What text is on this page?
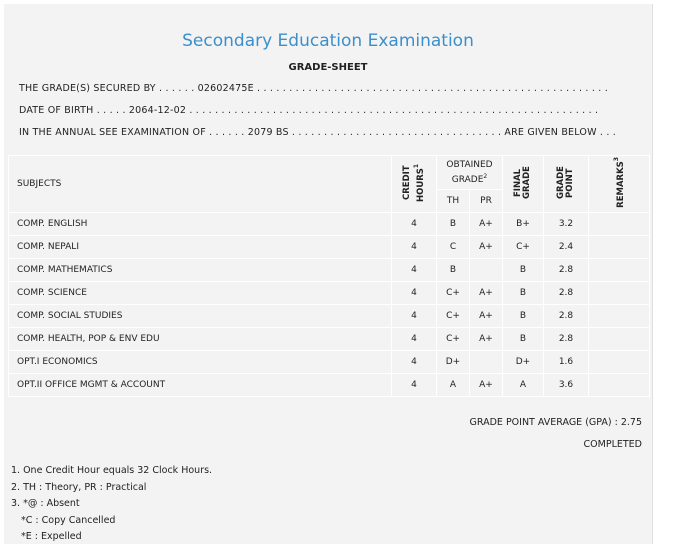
Secondary Education Examination
GRADE-SHEET
THE GRADE(S) SECURED BY . . . . . . 02602475E . . . . . . . . . . . . . . . . . . . . . . . . . . . . . . . . . . . . . . . . . . . . . . . . . . . . . . .
DATE OF BIRTH . . . . . 2064-12-02 . . . . . . . . . . . . . . . . . . . . . . . . . . . . . . . . . . . . . . . . . . . . . . . . . . . . . . . . . . . . . . . .
IN THE ANNUAL SEE EXAMINATION OF . . . . . . 2079 BS . . . . . . . . . . . . . . . . . . . . . . . . . . . . . . . . . ARE GIVEN BELOW . . .
SUBJECTS	CREDIT HOURS$^1$	OBTAINED GRADE$^2$		FINAL GRADE	GRADE POINT	REMARKS$^3$
		TH	PR			
COMP. ENGLISH	4	B	A+	B+	3.2	
COMP. NEPALI	4	C	A+	C+	2.4	
COMP. MATHEMATICS	4	B		B	2.8	
COMP. SCIENCE	4	C+	A+	B	2.8	
COMP. SOCIAL STUDIES	4	C+	A+	B	2.8	
COMP. HEALTH, POP & ENV EDU	4	C+	A+	B	2.8	
OPT.I ECONOMICS	4	D+		D+	1.6	
OPT.II OFFICE MGMT & ACCOUNT	4	A	A+	A	3.6	
GRADE POINT AVERAGE (GPA) : 2.75
COMPLETED
1. One Credit Hour equals 32 Clock Hours.
2. TH : Theory, PR : Practical
3. *@ : Absent
*C : Copy Cancelled
*E : Expelled
